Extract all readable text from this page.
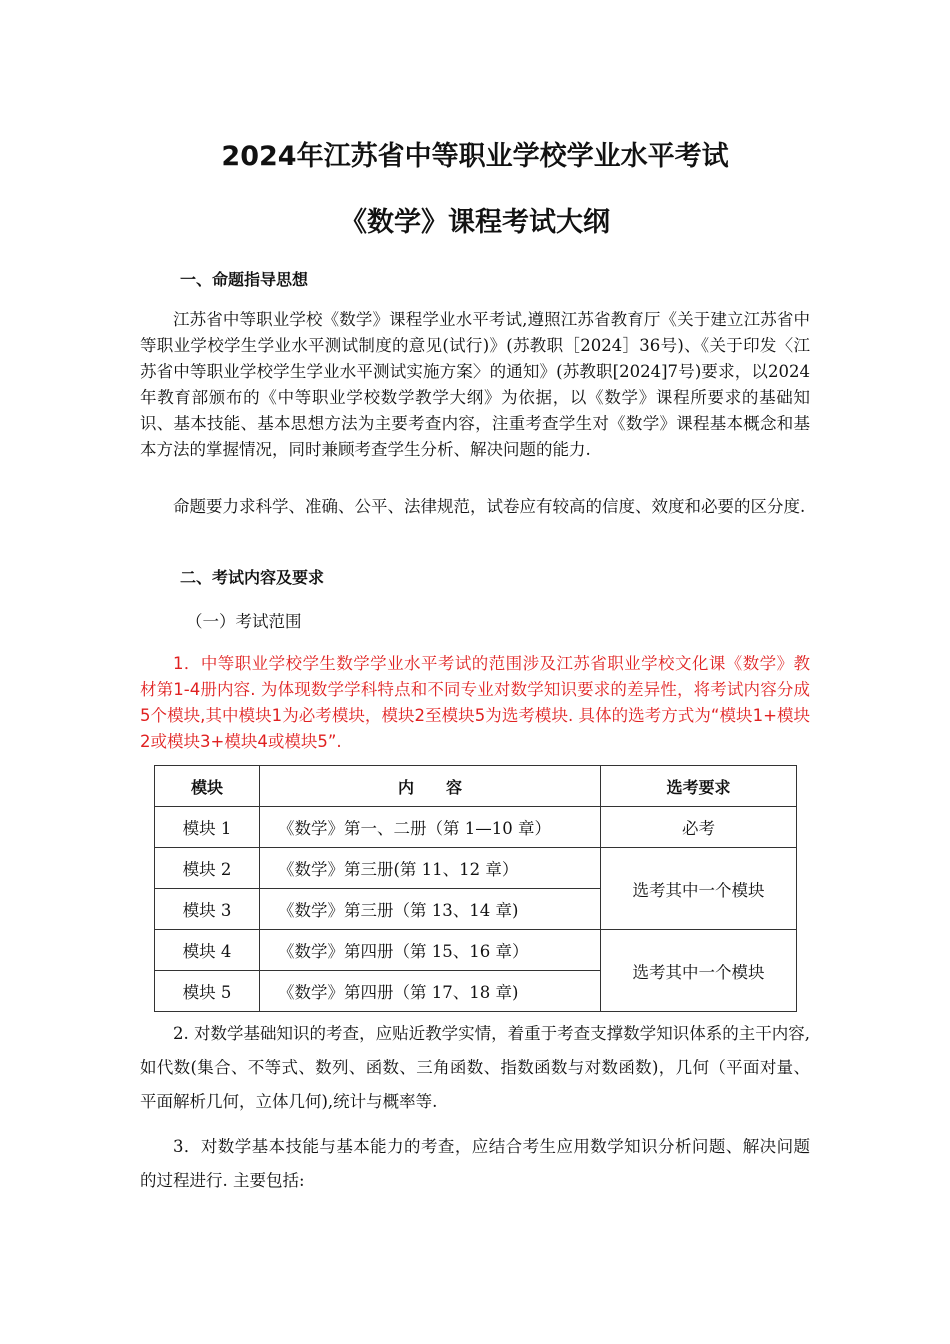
2024年江苏省中等职业学校学业水平考试
《数学》课程考试大纲
一、命题指导思想

江苏省中等职业学校《数学》课程学业水平考试,遵照江苏省教育厅《关于建立江苏省中等职业学校学生学业水平测试制度的意见(试行)》(苏教职［2024］36号)、《关于印发〈江苏省中等职业学校学生学业水平测试实施方案〉的通知》(苏教职[2024]7号)要求，以2024年教育部颁布的《中等职业学校数学教学大纲》为依据，以《数学》课程所要求的基础知识、基本技能、基本思想方法为主要考查内容，注重考查学生对《数学》课程基本概念和基本方法的掌握情况，同时兼顾考查学生分析、解决问题的能力.

命题要力求科学、准确、公平、法律规范，试卷应有较高的信度、效度和必要的区分度.

二、考试内容及要求
（一）考试范围

1．中等职业学校学生数学学业水平考试的范围涉及江苏省职业学校文化课《数学》教材第1-4册内容. 为体现数学学科特点和不同专业对数学知识要求的差异性，将考试内容分成5个模块,其中模块1为必考模块，模块2至模块5为选考模块. 具体的选考方式为“模块1+模块2或模块3+模块4或模块5”.

模块	内　　容	选考要求
模块 1	《数学》第一、二册（第 1—10 章）	必考
模块 2	《数学》第三册(第 11、12 章）	选考其中一个模块
模块 3	《数学》第三册（第 13、14 章)	
模块 4	《数学》第四册（第 15、16 章）	选考其中一个模块
模块 5	《数学》第四册（第 17、18 章)	

2. 对数学基础知识的考查，应贴近教学实情，着重于考查支撑数学知识体系的主干内容,如代数(集合、不等式、数列、函数、三角函数、指数函数与对数函数)，几何（平面对量、平面解析几何，立体几何),统计与概率等.

3．对数学基本技能与基本能力的考查，应结合考生应用数学知识分析问题、解决问题的过程进行. 主要包括:
